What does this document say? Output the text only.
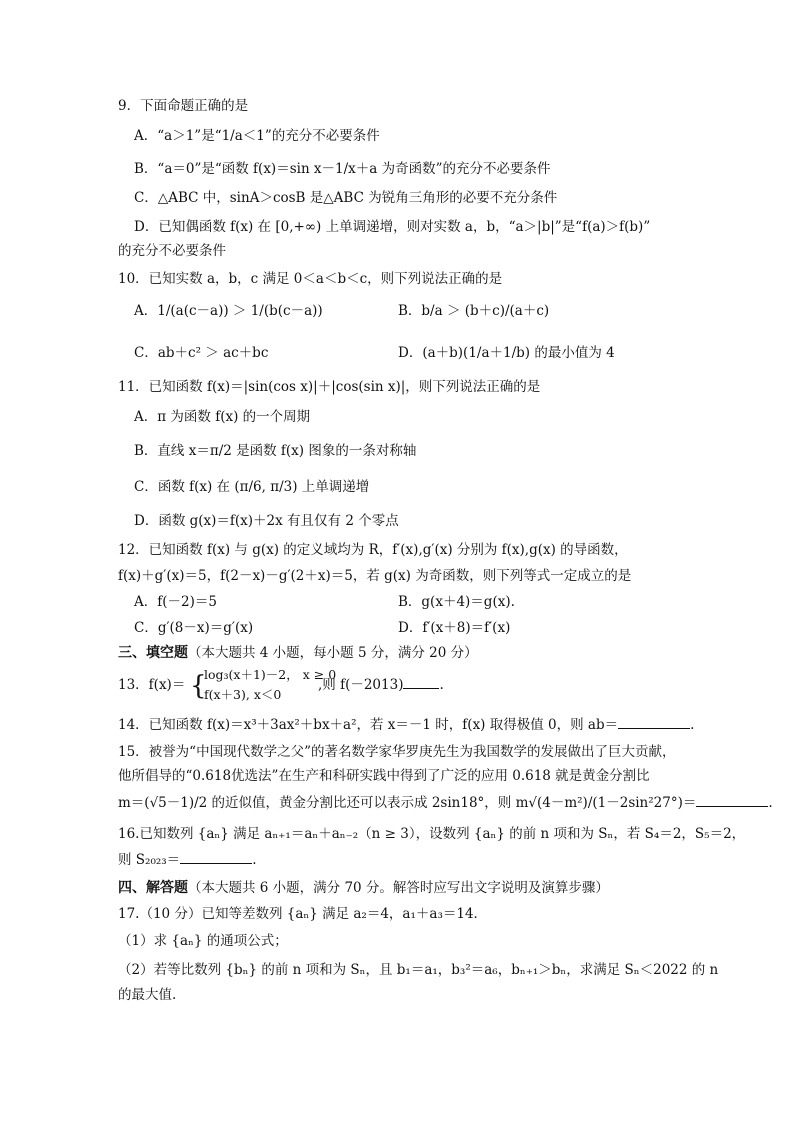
9．下面命题正确的是
A．“a＞1”是“1/a＜1”的充分不必要条件
B．“a＝0”是“函数 f(x)＝sin x－1/x＋a 为奇函数”的充分不必要条件
C．△ABC 中，sinA＞cosB 是△ABC 为锐角三角形的必要不充分条件
D．已知偶函数 f(x) 在 [0,+∞) 上单调递增，则对实数 a，b，“a＞|b|”是“f(a)＞f(b)”
的充分不必要条件
10．已知实数 a，b，c 满足 0＜a＜b＜c，则下列说法正确的是
A．1/(a(c－a)) ＞ 1/(b(c－a))	B．b/a ＞ (b＋c)/(a＋c)
C．ab＋c² ＞ ac＋bc	D．(a＋b)(1/a＋1/b) 的最小值为 4
11．已知函数 f(x)＝|sin(cos x)|＋|cos(sin x)|，则下列说法正确的是
A．π 为函数 f(x) 的一个周期
B．直线 x＝π/2 是函数 f(x) 图象的一条对称轴
C．函数 f(x) 在 (π/6, π/3) 上单调递增
D．函数 g(x)＝f(x)＋2x 有且仅有 2 个零点
12．已知函数 f(x) 与 g(x) 的定义域均为 R，f′(x),g′(x) 分别为 f(x),g(x) 的导函数，
f(x)＋g′(x)＝5，f(2－x)－g′(2＋x)＝5，若 g(x) 为奇函数，则下列等式一定成立的是
A．f(－2)＝5	B．g(x＋4)＝g(x).
C．g′(8－x)＝g′(x)	D．f′(x＋8)＝f′(x)
三、填空题（本大题共 4 小题，每小题 5 分，满分 20 分）
13．f(x)＝ {
log₃(x＋1)－2， x ≥ 0
f(x＋3), x＜0
,则 f(－2013)	.
14．已知函数 f(x)＝x³＋3ax²＋bx＋a²，若 x＝－1 时，f(x) 取得极值 0，则 ab＝	.
15．被誉为“中国现代数学之父”的著名数学家华罗庚先生为我国数学的发展做出了巨大贡献，
他所倡导的“0.618优选法”在生产和科研实践中得到了广泛的应用 0.618 就是黄金分割比
m＝(√5－1)/2 的近似值，黄金分割比还可以表示成 2sin18°，则 m√(4－m²)/(1－2sin²27°)＝	.
16.已知数列 {aₙ} 满足 aₙ₊₁＝aₙ＋aₙ₋₂（n ≥ 3），设数列 {aₙ} 的前 n 项和为 Sₙ，若 S₄＝2，S₅＝2，
则 S₂₀₂₃＝	.
四、解答题（本大题共 6 小题，满分 70 分。解答时应写出文字说明及演算步骤）
17.（10 分）已知等差数列 {aₙ} 满足 a₂＝4，a₁＋a₃＝14．
（1）求 {aₙ} 的通项公式；
（2）若等比数列 {bₙ} 的前 n 项和为 Sₙ，且 b₁＝a₁，b₃²＝a₆，bₙ₊₁＞bₙ，求满足 Sₙ＜2022 的 n
的最大值.
